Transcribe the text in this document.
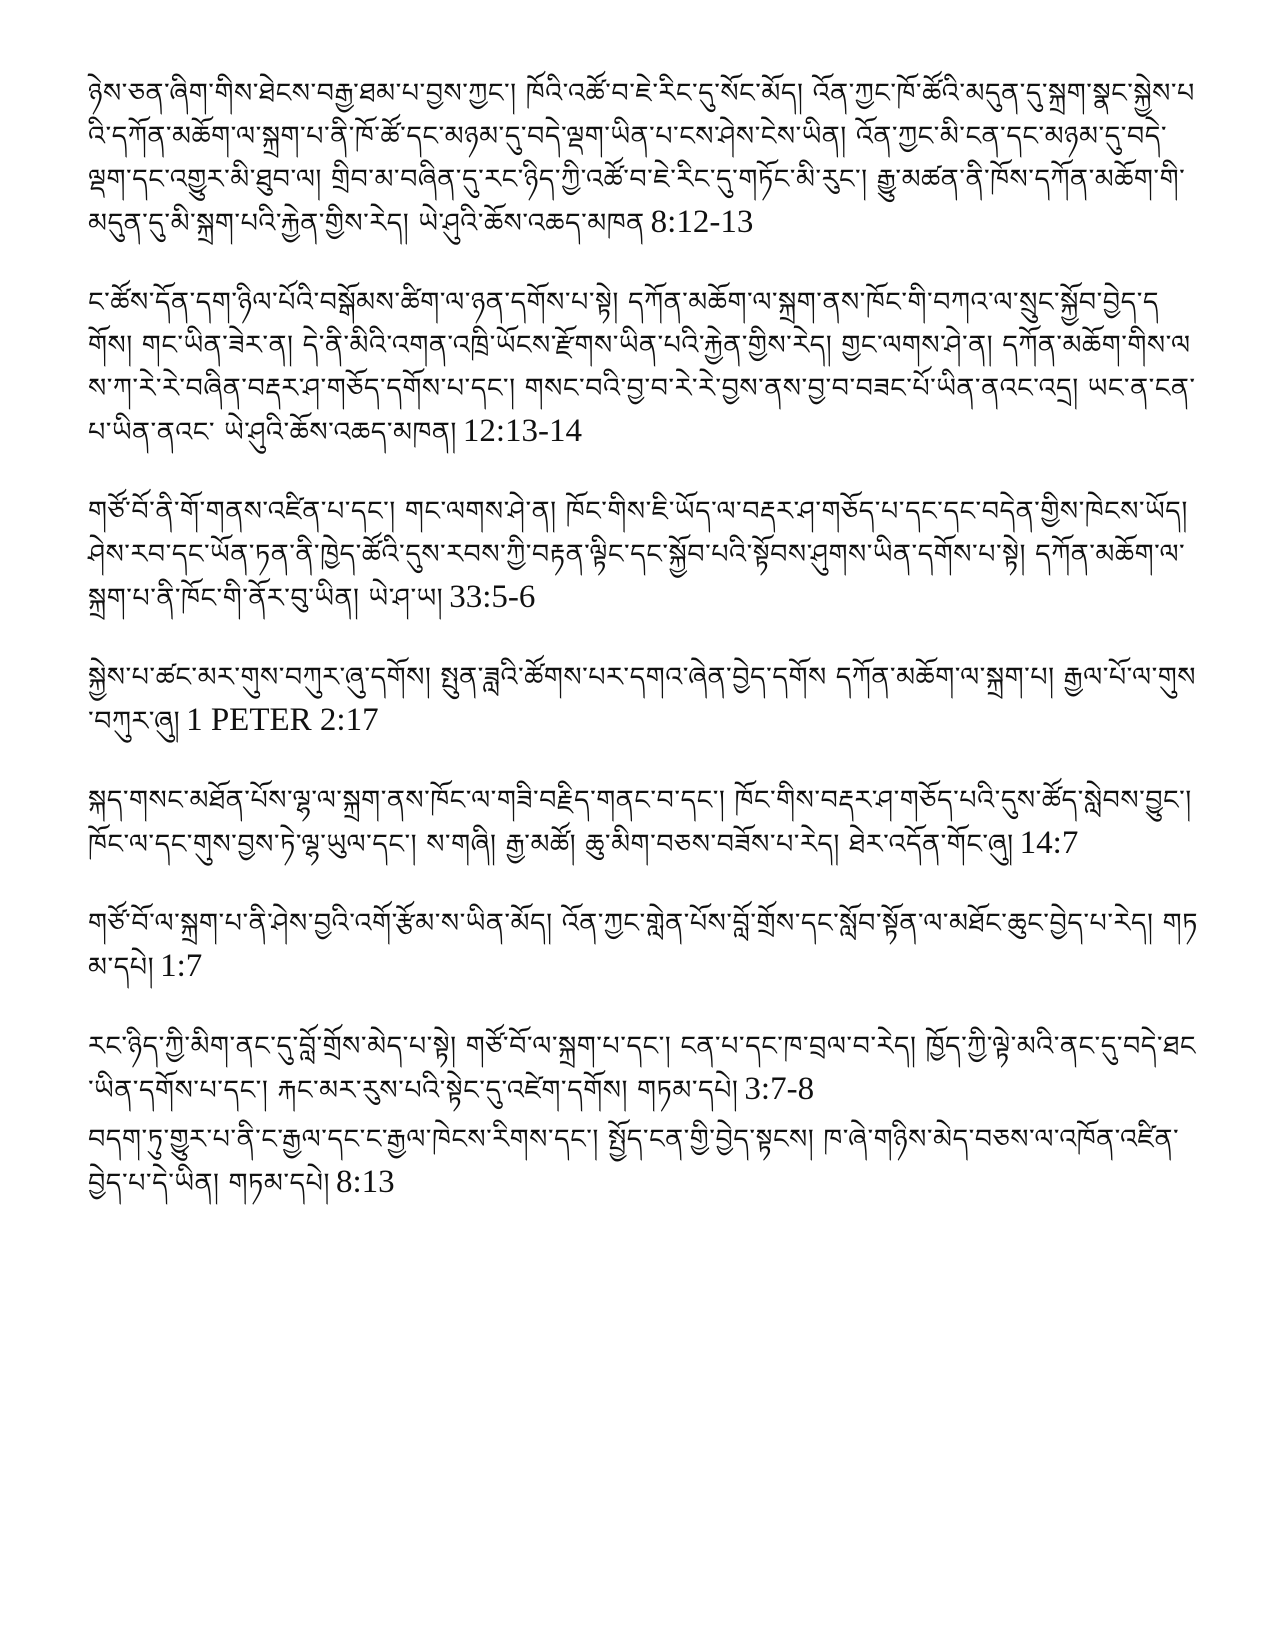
ཉེས་ཅན་ཞིག་གིས་ཐེངས་བརྒྱ་ཐམ་པ་བྱས་ཀྱང་། ཁོའི་འཚོ་བ་ཇེ་རིང་དུ་སོང་མོད། འོན་ཀྱང་ཁོ་ཚོའི་མདུན་དུ་སྐྲག་སྣང་སྐྱེས་པའི་དཀོན་མཆོག་ལ་སྐྲག་པ་ནི་ཁོ་ཚོ་དང་མཉམ་དུ་བདེ་ལྡག་ཡིན་པ་ངས་ཤེས་ངེས་ཡིན། འོན་ཀྱང་མི་ངན་དང་མཉམ་དུ་བདེ་ལྡག་དང་འགྱུར་མི་ཐུབ་ལ། གྲིབ་མ་བཞིན་དུ་རང་ཉིད་ཀྱི་འཚོ་བ་ཇེ་རིང་དུ་གཏོང་མི་རུང་། རྒྱུ་མཚན་ནི་ཁོས་དཀོན་མཆོག་གི་མདུན་དུ་མི་སྐྲག་པའི་རྐྱེན་གྱིས་རེད། ཡེ་ཤུའི་ཆོས་འཆད་མཁན 8:12-13
ང་ཚོས་དོན་དག་ཉིལ་པོའི་བསྒོམས་ཚིག་ལ་ཉན་དགོས་པ་སྟེ། དཀོན་མཆོག་ལ་སྐྲག་ནས་ཁོང་གི་བཀའ་ལ་སྲུང་སྐྱོབ་བྱེད་དགོས། གང་ཡིན་ཟེར་ན། དེ་ནི་མིའི་འགན་འཁྲི་ཡོངས་རྫོགས་ཡིན་པའི་རྐྱེན་གྱིས་རེད། གྱང་ལགས་ཤེ་ན། དཀོན་མཆོག་གིས་ལས་ཀ་རེ་རེ་བཞིན་བརྡར་ཤ་གཅོད་དགོས་པ་དང་། གསང་བའི་བྱ་བ་རེ་རེ་བྱས་ནས་བྱ་བ་བཟང་པོ་ཡིན་ནའང་འདྲ། ཡང་ན་ངན་པ་ཡིན་ནའང་ ཡེ་ཤུའི་ཆོས་འཆད་མཁན། 12:13-14
གཙོ་བོ་ནི་གོ་གནས་འཛིན་པ་དང་། གང་ལགས་ཤེ་ན། ཁོང་གིས་ཇི་ཡོད་ལ་བརྡར་ཤ་གཅོད་པ་དང་དང་བདེན་གྱིས་ཁེངས་ཡོད། ཤེས་རབ་དང་ཡོན་ཏན་ནི་ཁྱེད་ཚོའི་དུས་རབས་ཀྱི་བརྟན་ལྟིང་དང་སྐྱོབ་པའི་སྟོབས་ཤུགས་ཡིན་དགོས་པ་སྟེ། དཀོན་མཆོག་ལ་སྐྲག་པ་ནི་ཁོང་གི་ནོར་བུ་ཡིན། ཡེ་ཤ་ཡ། 33:5-6
སྐྱེས་པ་ཚང་མར་གུས་བཀུར་ཞུ་དགོས། སྤུན་ཟླའི་ཚོགས་པར་དགའ་ཞེན་བྱེད་དགོས དཀོན་མཆོག་ལ་སྐྲག་པ། རྒྱལ་པོ་ལ་གུས་བཀུར་ཞུ། 1 PETER 2:17
སྐད་གསང་མཐོན་པོས་ལྷ་ལ་སྐྲག་ནས་ཁོང་ལ་གཟི་བརྗིད་གནང་བ་དང་། ཁོང་གིས་བརྡར་ཤ་གཅོད་པའི་དུས་ཚོད་སླེབས་བྱུང་། ཁོང་ལ་དང་གུས་བྱས་ཏེ་ལྷ་ཡུལ་དང་། ས་གཞི། རྒྱ་མཚོ། ཆུ་མིག་བཅས་བཟོས་པ་རེད། ཐེར་འདོན་གོང་ཞུ། 14:7
གཙོ་བོ་ལ་སྐྲག་པ་ནི་ཤེས་བྱའི་འགོ་རྩོམ་ས་ཡིན་མོད། འོན་ཀྱང་གླེན་པོས་བློ་གྲོས་དང་སློབ་སྟོན་ལ་མཐོང་ཆུང་བྱེད་པ་རེད། གཏམ་དཔེ། 1:7
རང་ཉིད་ཀྱི་མིག་ནང་དུ་བློ་གྲོས་མེད་པ་སྟེ། གཙོ་བོ་ལ་སྐྲག་པ་དང་། ངན་པ་དང་ཁ་བྲལ་བ་རེད། ཁྱོད་ཀྱི་ལྟེ་མའི་ནང་དུ་བདེ་ཐང་ཡིན་དགོས་པ་དང་། རྐང་མར་རུས་པའི་སྟེང་དུ་འཛེག་དགོས། གཏམ་དཔེ། 3:7-8
བདག་ཏུ་གྱུར་པ་ནི་ང་རྒྱལ་དང་ང་རྒྱལ་ཁེངས་རིགས་དང་། སྤྱོད་ངན་གྱི་བྱེད་སྟངས། ཁ་ཞེ་གཉིས་མེད་བཅས་ལ་འཁོན་འཛིན་བྱེད་པ་དེ་ཡིན། གཏམ་དཔེ། 8:13
